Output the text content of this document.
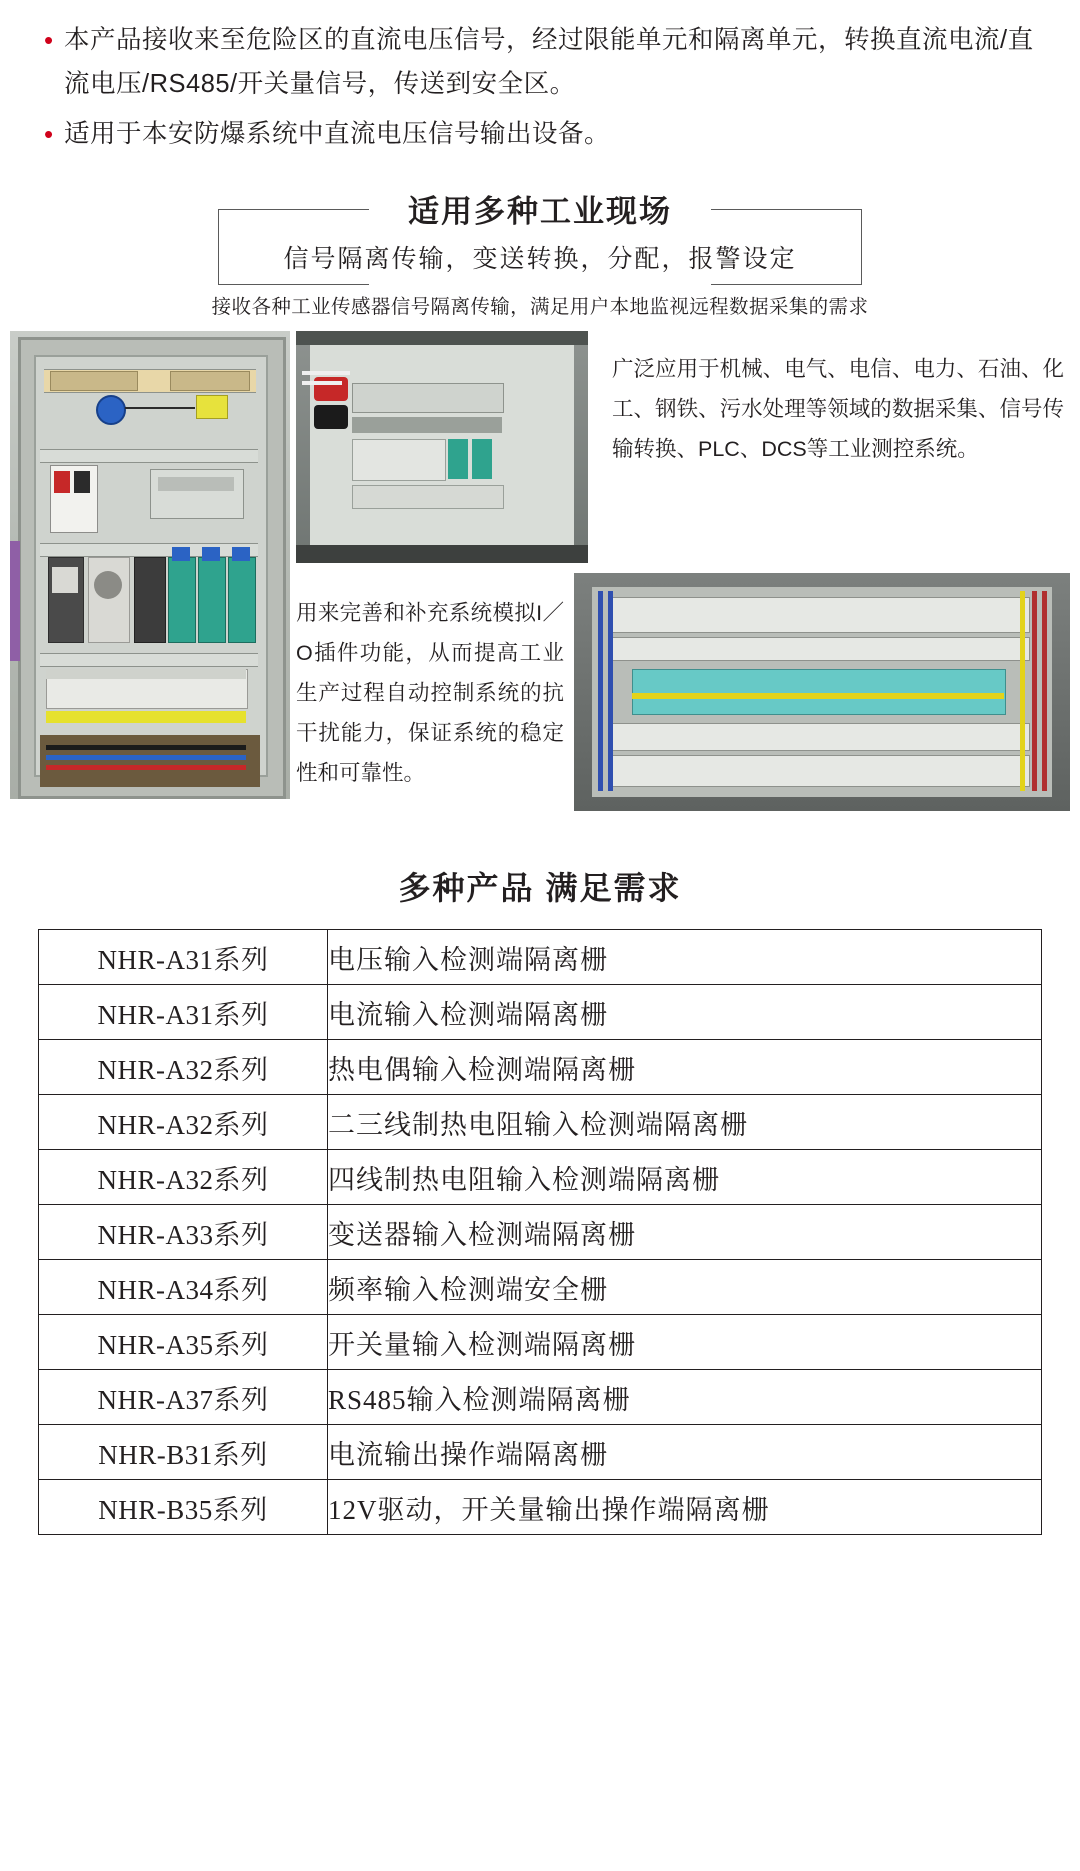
• 本产品接收来至危险区的直流电压信号，经过限能单元和隔离单元，转换直流电流/直流电压/RS485/开关量信号，传送到安全区。
• 适用于本安防爆系统中直流电压信号输出设备。
适用多种工业现场
信号隔离传输，变送转换，分配，报警设定
接收各种工业传感器信号隔离传输，满足用户本地监视远程数据采集的需求
广泛应用于机械、电气、电信、电力、石油、化工、钢铁、污水处理等领域的数据采集、信号传输转换、PLC、DCS等工业测控系统。
用来完善和补充系统模拟I／O插件功能，从而提高工业生产过程自动控制系统的抗干扰能力，保证系统的稳定性和可靠性。
多种产品 满足需求
NHR-A31系列	电压输入检测端隔离栅
NHR-A31系列	电流输入检测端隔离栅
NHR-A32系列	热电偶输入检测端隔离栅
NHR-A32系列	二三线制热电阻输入检测端隔离栅
NHR-A32系列	四线制热电阻输入检测端隔离栅
NHR-A33系列	变送器输入检测端隔离栅
NHR-A34系列	频率输入检测端安全栅
NHR-A35系列	开关量输入检测端隔离栅
NHR-A37系列	RS485输入检测端隔离栅
NHR-B31系列	电流输出操作端隔离栅
NHR-B35系列	12V驱动，开关量输出操作端隔离栅
